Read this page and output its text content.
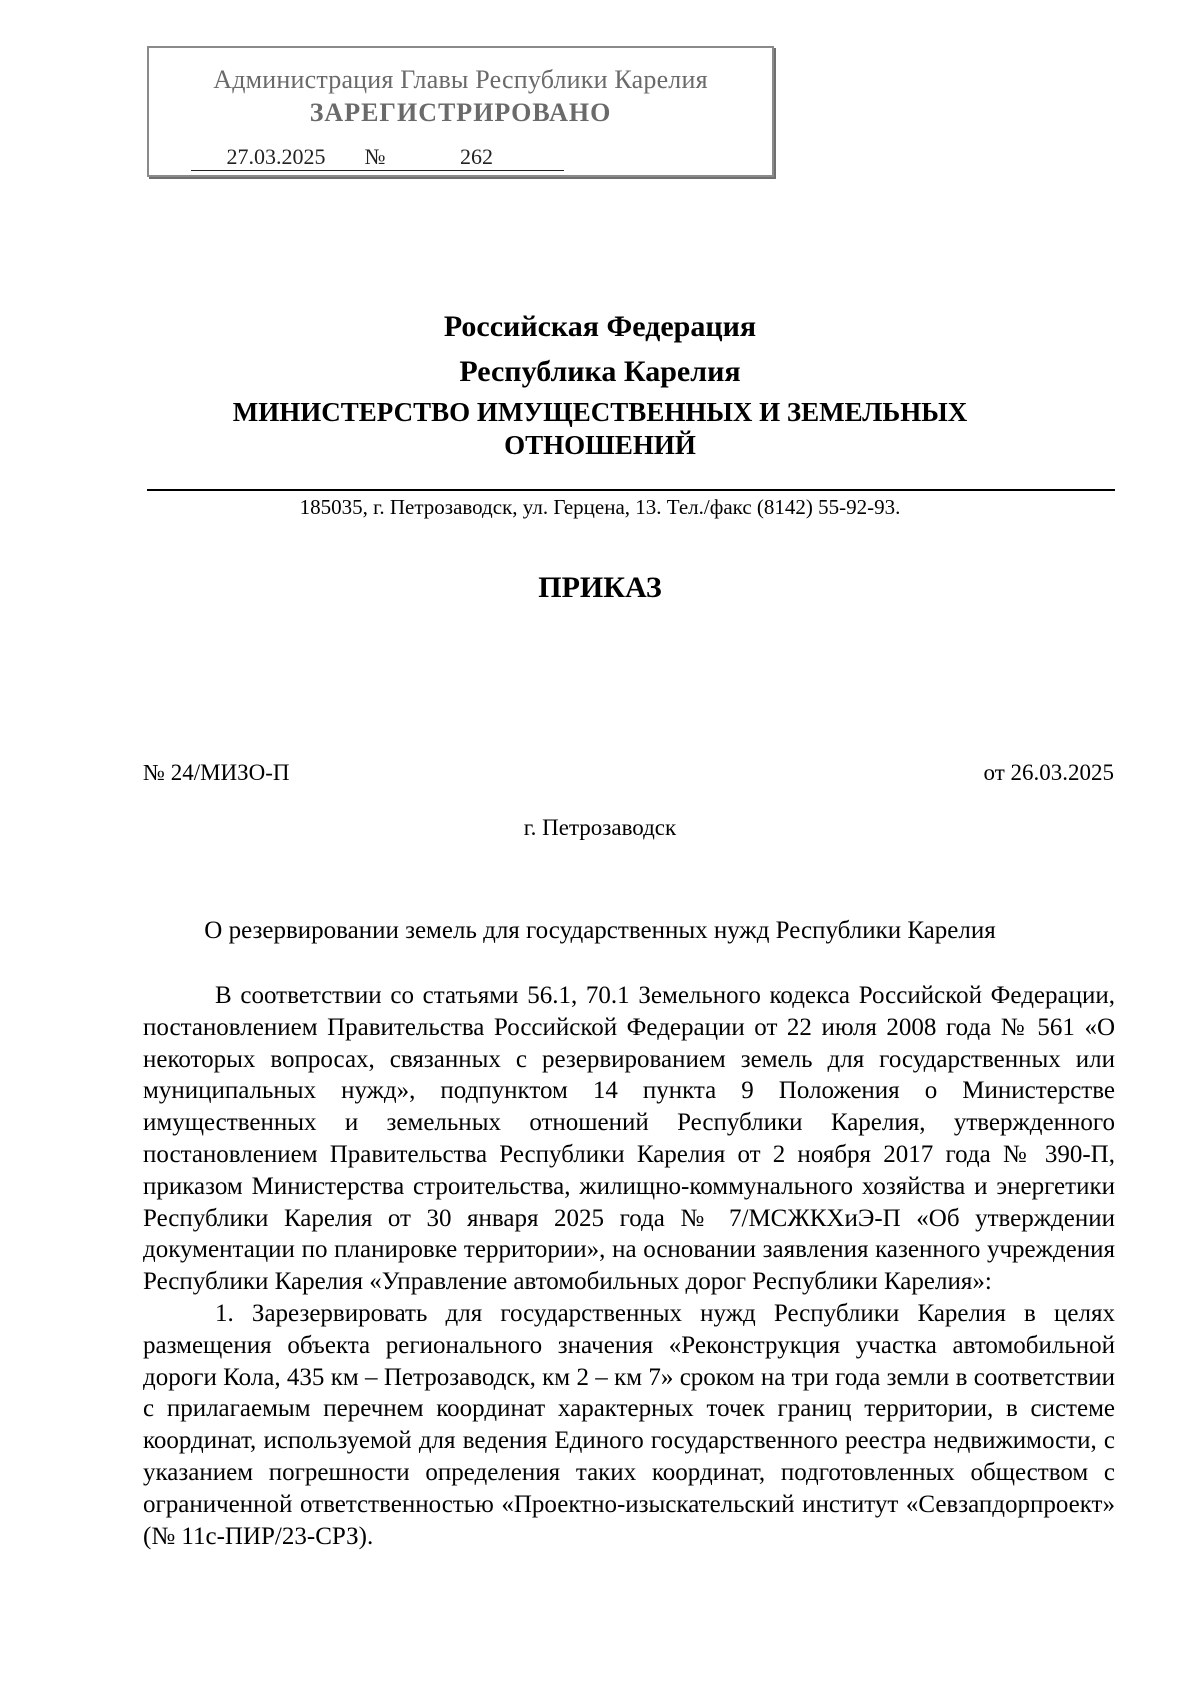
Администрация Главы Республики Карелия
ЗАРЕГИСТРИРОВАНО
27.03.2025 №	262
Российская Федерация
Республика Карелия
МИНИСТЕРСТВО ИМУЩЕСТВЕННЫХ И ЗЕМЕЛЬНЫХ
ОТНОШЕНИЙ
185035, г. Петрозаводск, ул. Герцена, 13. Тел./факс (8142) 55-92-93.
ПРИКАЗ
№ 24/МИЗО-П	от 26.03.2025
г. Петрозаводск
О резервировании земель для государственных нужд Республики Карелия

В соответствии со статьями 56.1, 70.1 Земельного кодекса Российской Федерации, постановлением Правительства Российской Федерации от 22 июля 2008 года № 561 «О некоторых вопросах, связанных с резервированием земель для государственных или муниципальных нужд», подпунктом 14 пункта 9 Положения о Министерстве имущественных и земельных отношений Республики Карелия, утвержденного постановлением Правительства Республики Карелия от 2 ноября 2017 года № 390-П, приказом Министерства строительства, жилищно-коммунального хозяйства и энергетики Республики Карелия от 30 января 2025 года № 7/МСЖКХиЭ-П «Об утверждении документации по планировке территории», на основании заявления казенного учреждения Республики Карелия «Управление автомобильных дорог Республики Карелия»:

1. Зарезервировать для государственных нужд Республики Карелия в целях размещения объекта регионального значения «Реконструкция участка автомобильной дороги Кола, 435 км – Петрозаводск, км 2 – км 7» сроком на три года земли в соответствии с прилагаемым перечнем координат характерных точек границ территории, в системе координат, используемой для ведения Единого государственного реестра недвижимости, с указанием погрешности определения таких координат, подготовленных обществом с ограниченной ответственностью «Проектно-изыскательский институт «Севзапдорпроект» (№ 11с-ПИР/23-СРЗ).
